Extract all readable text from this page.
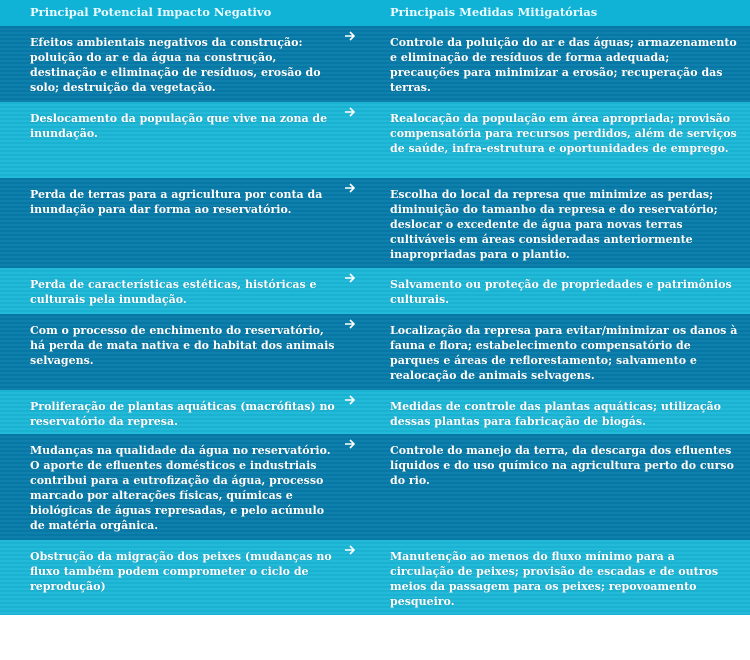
Principal Potencial Impacto Negativo	Principais Medidas Mitigatórias
Efeitos ambientais negativos da construção: poluição do ar e da água na construção, destinação e eliminação de resíduos, erosão do solo; destruição da vegetação.
Controle da poluição do ar e das águas; armazenamento e eliminação de resíduos de forma adequada; precauções para minimizar a erosão; recuperação das terras.
Deslocamento da população que vive na zona de inundação.
Realocação da população em área apropriada; provisão compensatória para recursos perdidos, além de serviços de saúde, infra-estrutura e oportunidades de emprego.
Perda de terras para a agricultura por conta da inundação para dar forma ao reservatório.
Escolha do local da represa que minimize as perdas; diminuição do tamanho da represa e do reservatório; deslocar o excedente de água para novas terras cultiváveis em áreas consideradas anteriormente inapropriadas para o plantio.
Perda de características estéticas, históricas e culturais pela inundação.
Salvamento ou proteção de propriedades e patrimônios culturais.
Com o processo de enchimento do reservatório, há perda de mata nativa e do habitat dos animais selvagens.
Localização da represa para evitar/minimizar os danos à fauna e flora; estabelecimento compensatório de parques e áreas de reflorestamento; salvamento e realocação de animais selvagens.
Proliferação de plantas aquáticas (macrófitas) no reservatório da represa.
Medidas de controle das plantas aquáticas; utilização dessas plantas para fabricação de biogás.
Mudanças na qualidade da água no reservatório. O aporte de efluentes domésticos e industriais contribui para a eutrofização da água, processo marcado por alterações físicas, químicas e biológicas de águas represadas, e pelo acúmulo de matéria orgânica.
Controle do manejo da terra, da descarga dos efluentes líquidos e do uso químico na agricultura perto do curso do rio.
Obstrução da migração dos peixes (mudanças no fluxo também podem comprometer o ciclo de reprodução)
Manutenção ao menos do fluxo mínimo para a circulação de peixes; provisão de escadas e de outros meios da passagem para os peixes; repovoamento pesqueiro.
